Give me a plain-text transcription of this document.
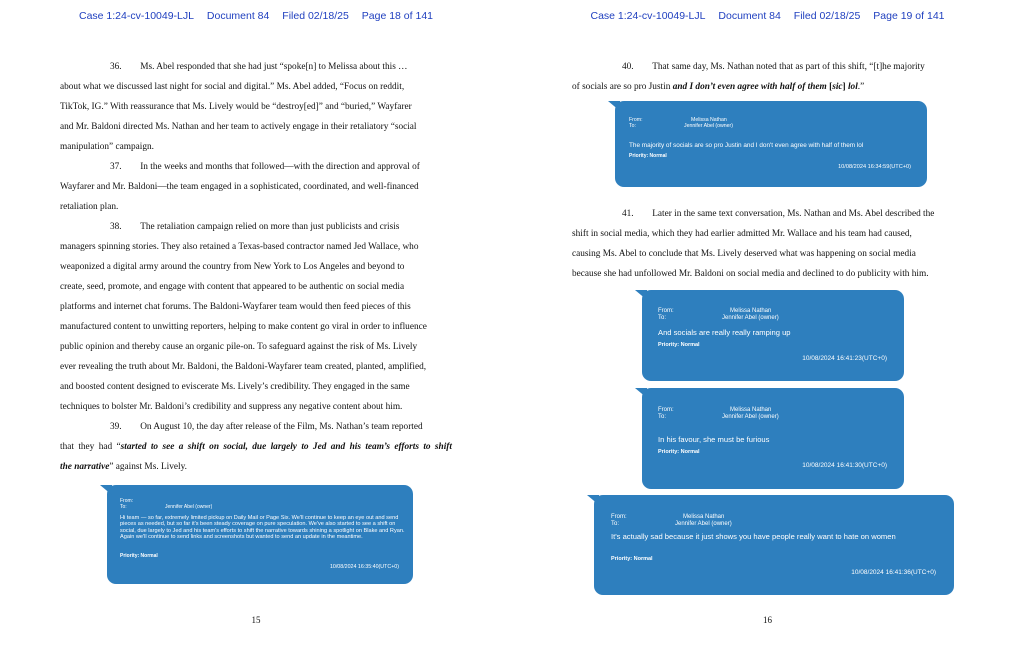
Case 1:24-cv-10049-LJL Document 84 Filed 02/18/25 Page 18 of 141
36.  Ms. Abel responded that she had just “spoke[n] to Melissa about this …
about what we discussed last night for social and digital.” Ms. Abel added, “Focus on reddit,
TikTok, IG.” With reassurance that Ms. Lively would be “destroy[ed]” and “buried,” Wayfarer
and Mr. Baldoni directed Ms. Nathan and her team to actively engage in their retaliatory “social
manipulation” campaign.
37.  In the weeks and months that followed—with the direction and approval of
Wayfarer and Mr. Baldoni—the team engaged in a sophisticated, coordinated, and well-financed
retaliation plan.
38.  The retaliation campaign relied on more than just publicists and crisis
managers spinning stories. They also retained a Texas-based contractor named Jed Wallace, who
weaponized a digital army around the country from New York to Los Angeles and beyond to
create, seed, promote, and engage with content that appeared to be authentic on social media
platforms and internet chat forums. The Baldoni-Wayfarer team would then feed pieces of this
manufactured content to unwitting reporters, helping to make content go viral in order to influence
public opinion and thereby cause an organic pile-on. To safeguard against the risk of Ms. Lively
ever revealing the truth about Mr. Baldoni, the Baldoni-Wayfarer team created, planted, amplified,
and boosted content designed to eviscerate Ms. Lively’s credibility. They engaged in the same
techniques to bolster Mr. Baldoni’s credibility and suppress any negative content about him.
39.  On August 10, the day after release of the Film, Ms. Nathan’s team reported
that they had “started to see a shift on social, due largely to Jed and his team’s efforts to shift
the narrative” against Ms. Lively.
From:
To:	Jennifer Abel (owner)
Hi team — so far, extremely limited pickup on Daily Mail or Page Six. We'll continue to keep an eye out and send pieces as needed, but so far it's been steady coverage on pure speculation. We've also started to see a shift on social, due largely to Jed and his team's efforts to shift the narrative towards shining a spotlight on Blake and Ryan. Again we'll continue to send links and screenshots but wanted to send an update in the meantime.
Priority: Normal
10/08/2024 16:35:40(UTC+0)
15
Case 1:24-cv-10049-LJL Document 84 Filed 02/18/25 Page 19 of 141
40.  That same day, Ms. Nathan noted that as part of this shift, “[t]he majority
of socials are so pro Justin and I don’t even agree with half of them [sic] lol.”
From:	Melissa Nathan
To:	Jennifer Abel (owner)
The majority of socials are so pro Justin and I don't even agree with half of them lol
Priority: Normal
10/08/2024 16:34:59(UTC+0)
41.  Later in the same text conversation, Ms. Nathan and Ms. Abel described the
shift in social media, which they had earlier admitted Mr. Wallace and his team had caused,
causing Ms. Abel to conclude that Ms. Lively deserved what was happening on social media
because she had unfollowed Mr. Baldoni on social media and declined to do publicity with him.
From:	Melissa Nathan
To:	Jennifer Abel (owner)
And socials are really really ramping up
Priority: Normal
10/08/2024 16:41:23(UTC+0)
From:	Melissa Nathan
To:	Jennifer Abel (owner)
In his favour, she must be furious
Priority: Normal
10/08/2024 16:41:30(UTC+0)
From:	Melissa Nathan
To:	Jennifer Abel (owner)
It's actually sad because it just shows you have people really want to hate on women
Priority: Normal
10/08/2024 16:41:36(UTC+0)
16
